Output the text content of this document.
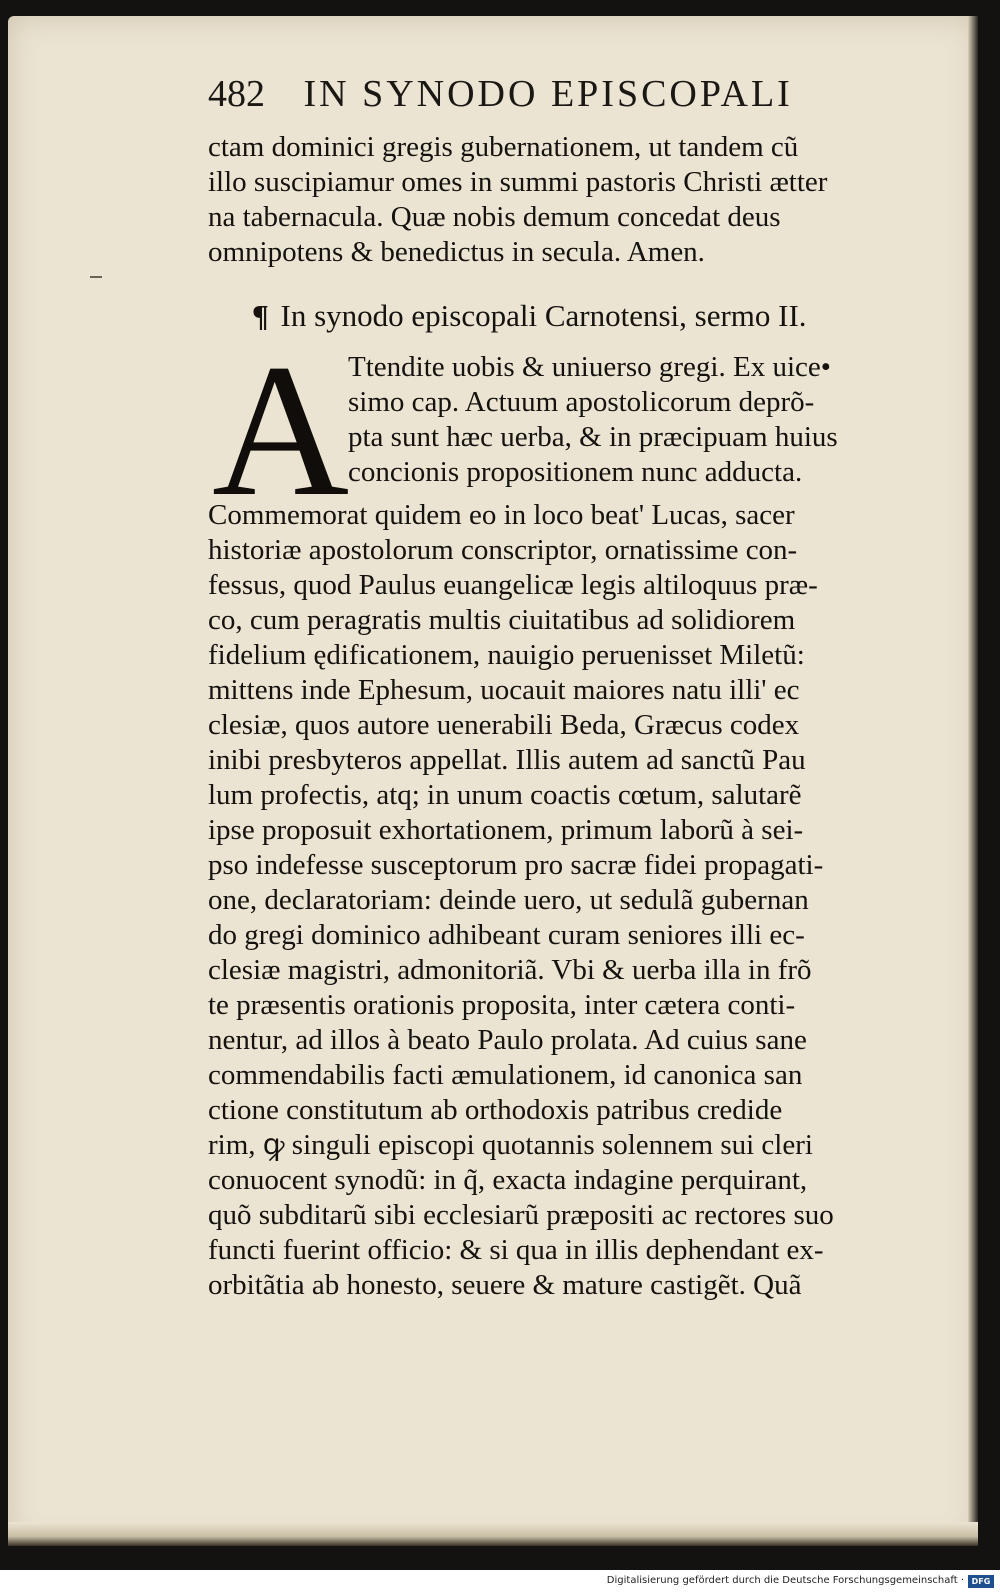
482 IN SYNODO EPISCOPALI
ctam dominici gregis gubernationem, ut tandem cũ
illo suscipiamur omes in summi pastoris Christi ætter
na tabernacula. Quæ nobis demum concedat deus
omnipotens & benedictus in secula. Amen.
¶ In synodo episcopali Carnotensi, sermo II.
A
Ttendite uobis & uniuerso gregi. Ex uice•
simo cap. Actuum apostolicorum deprõ-
pta sunt hæc uerba, & in præcipuam huius
concionis propositionem nunc adducta.
Commemorat quidem eo in loco beat' Lucas, sacer
historiæ apostolorum conscriptor, ornatissime con-
fessus, quod Paulus euangelicæ legis altiloquus præ-
co, cum peragratis multis ciuitatibus ad solidiorem
fidelium ędificationem, nauigio peruenisset Miletũ:
mittens inde Ephesum, uocauit maiores natu illi' ec
clesiæ, quos autore uenerabili Beda, Græcus codex
inibi presbyteros appellat. Illis autem ad sanctũ Pau
lum profectis, atq; in unum coactis cœtum, salutarẽ
ipse proposuit exhortationem, primum laborũ à sei-
pso indefesse susceptorum pro sacræ fidei propagati-
one, declaratoriam: deinde uero, ut sedulã gubernan
do gregi dominico adhibeant curam seniores illi ec-
clesiæ magistri, admonitoriã. Vbi & uerba illa in frõ
te præsentis orationis proposita, inter cætera conti-
nentur, ad illos à beato Paulo prolata. Ad cuius sane
commendabilis facti æmulationem, id canonica san
ctione constitutum ab orthodoxis patribus credide
rim, ꝙ singuli episcopi quotannis solennem sui cleri
conuocent synodũ: in q̃, exacta indagine perquirant,
quõ subditarũ sibi ecclesiarũ præpositi ac rectores suo
functi fuerint officio: & si qua in illis dephendant ex-
orbitãtia ab honesto, seuere & mature castigẽt. Quã
Digitalisierung gefördert durch die Deutsche Forschungsgemeinschaft · DFG
